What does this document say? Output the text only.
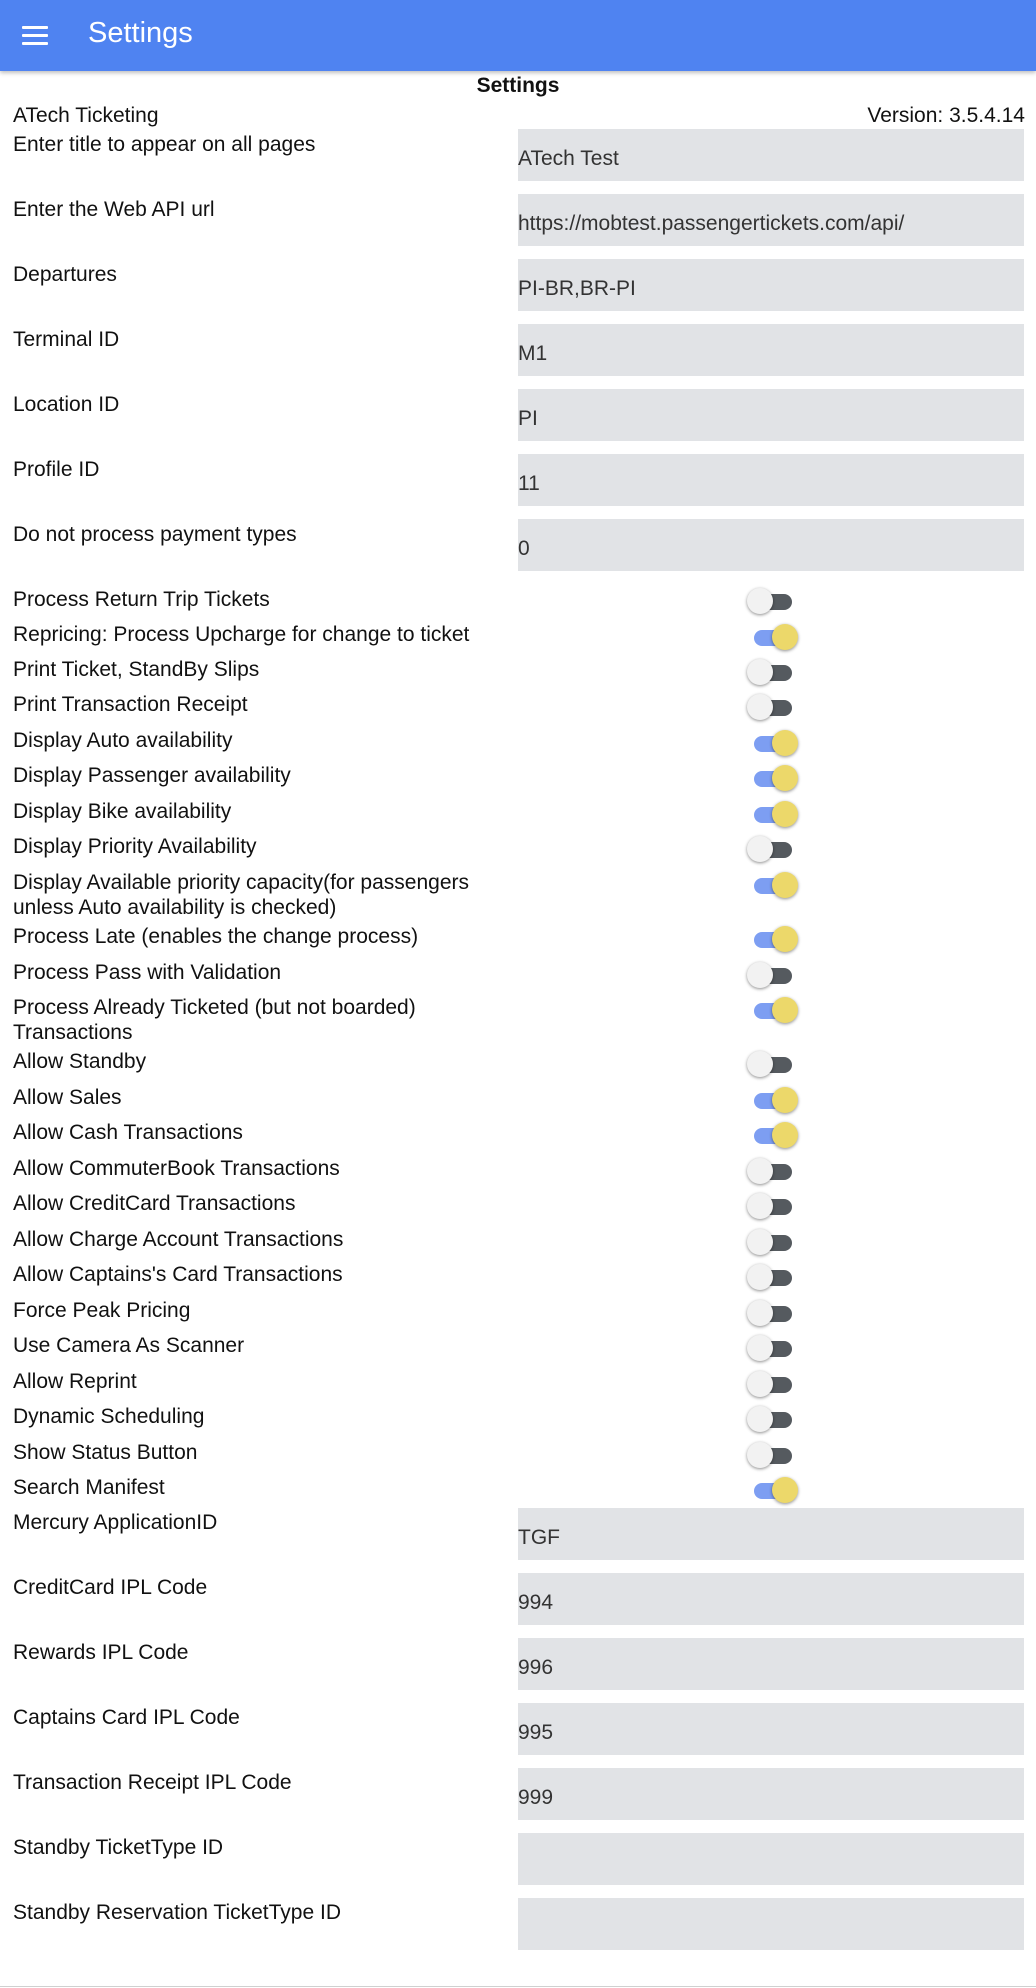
Settings
Settings
ATech Ticketing	Version: 3.5.4.14
Enter title to appear on all pages
ATech Test
Enter the Web API url
https://mobtest.passengertickets.com/api/
Departures
PI-BR,BR-PI
Terminal ID
M1
Location ID
PI
Profile ID
11
Do not process payment types
0
Process Return Trip Tickets
Repricing: Process Upcharge for change to ticket
Print Ticket, StandBy Slips
Print Transaction Receipt
Display Auto availability
Display Passenger availability
Display Bike availability
Display Priority Availability
Display Available priority capacity(for passengers unless Auto availability is checked)
Process Late (enables the change process)
Process Pass with Validation
Process Already Ticketed (but not boarded) Transactions
Allow Standby
Allow Sales
Allow Cash Transactions
Allow CommuterBook Transactions
Allow CreditCard Transactions
Allow Charge Account Transactions
Allow Captains's Card Transactions
Force Peak Pricing
Use Camera As Scanner
Allow Reprint
Dynamic Scheduling
Show Status Button
Search Manifest
Mercury ApplicationID
TGF
CreditCard IPL Code
994
Rewards IPL Code
996
Captains Card IPL Code
995
Transaction Receipt IPL Code
999
Standby TicketType ID
Standby Reservation TicketType ID
